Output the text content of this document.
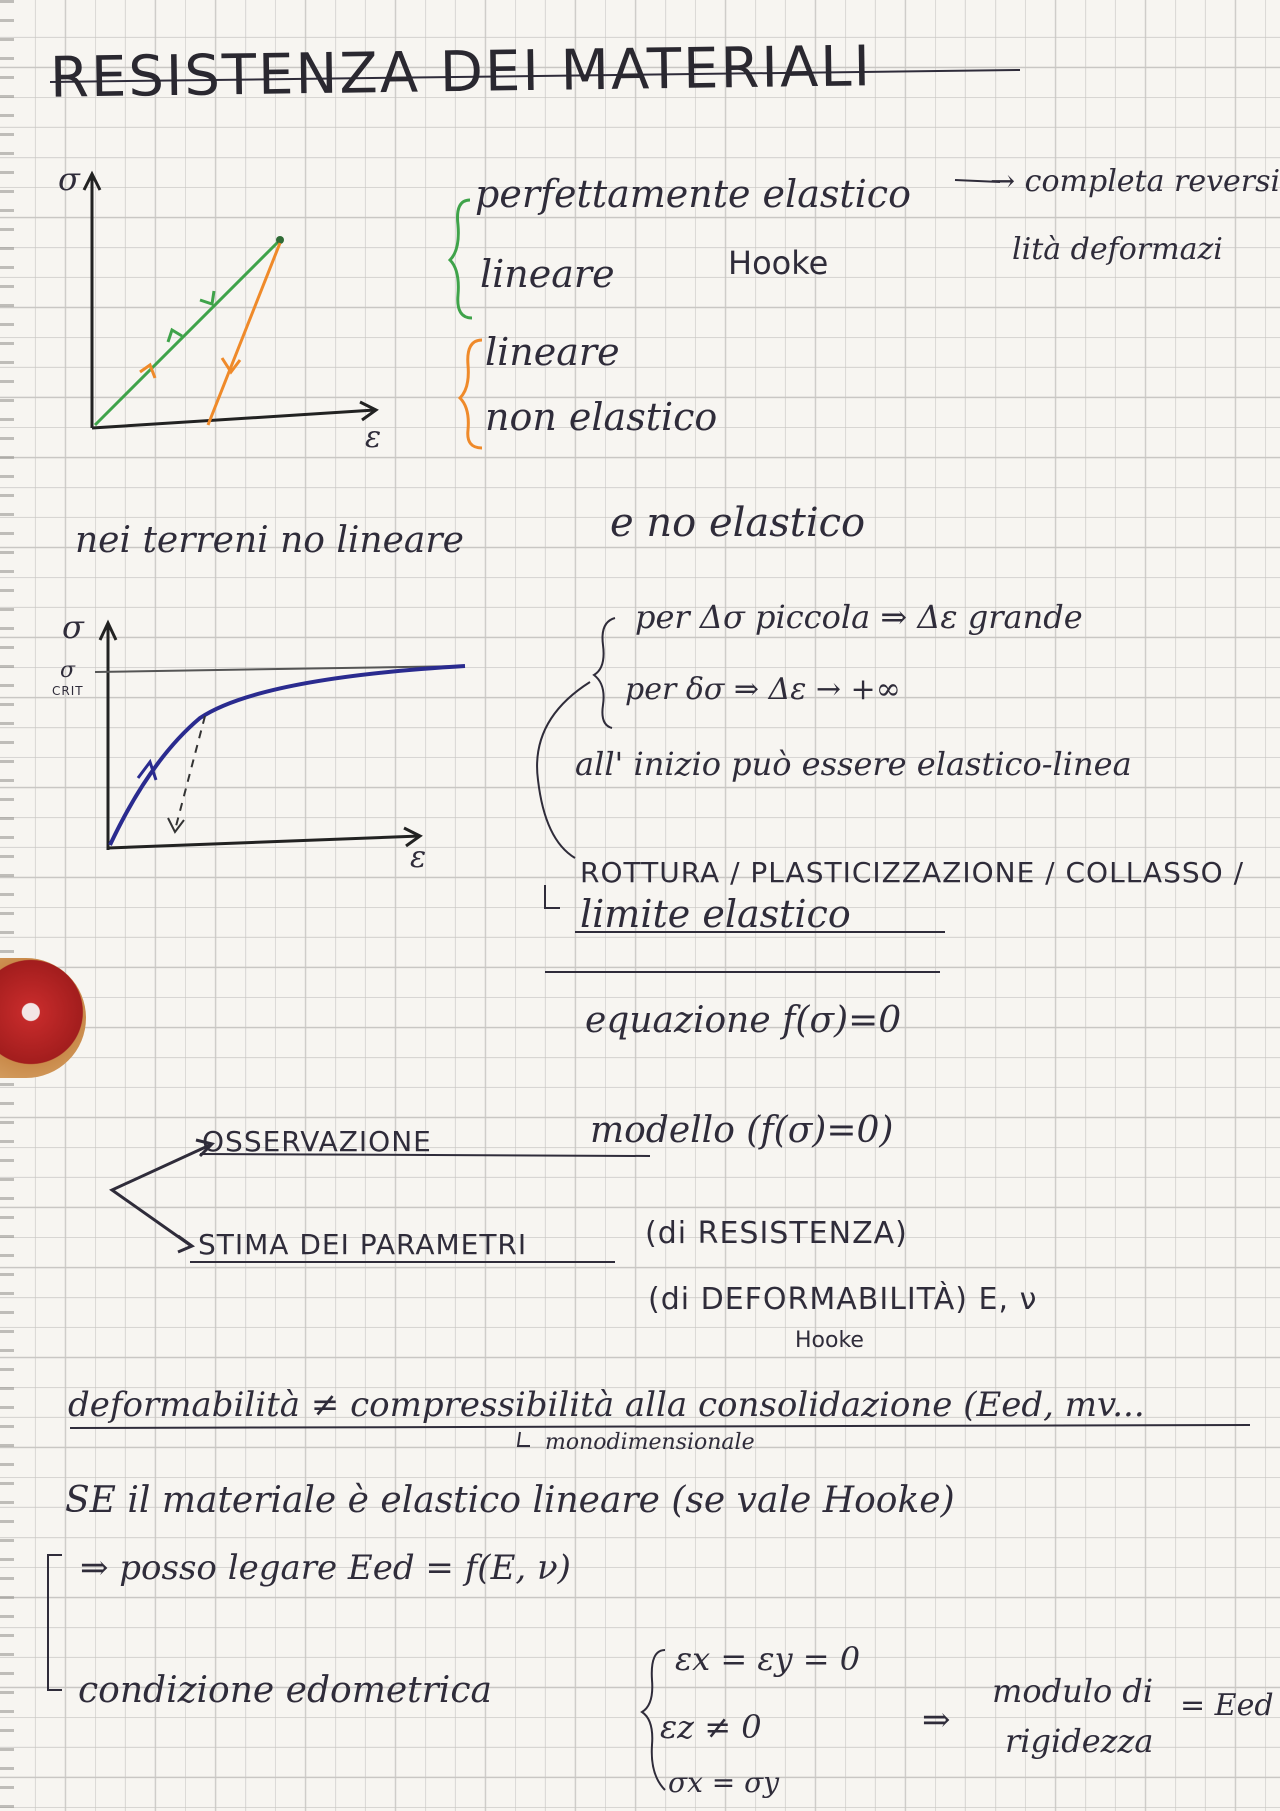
RESISTENZA DEI MATERIALI
σ
ε
perfettamente elastico	→ completa reversi
lineare	Hooke	lità deformazi
lineare
non elastico
nei terreni no lineare	e no elastico
σ
σ
CRIT
ε
per Δσ piccola ⇒ Δε grande
per δσ ⇒ Δε → +∞
all' inizio può essere elastico-linea
ROTTURA / PLASTICIZZAZIONE / COLLASSO /
limite elastico
equazione f(σ)=0
OSSERVAZIONE	modello (f(σ)=0)
STIMA DEI PARAMETRI	(di RESISTENZA)
(di DEFORMABILITÀ) E, ν
Hooke
deformabilità ≠ compressibilità alla consolidazione (Eed, mv...
monodimensionale
SE il materiale è elastico lineare (se vale Hooke)
⇒ posso legare Eed = f(E, ν)
condizione edometrica
εx = εy = 0
εz ≠ 0
σx = σy
⇒
modulo di
rigidezza
= Eed
